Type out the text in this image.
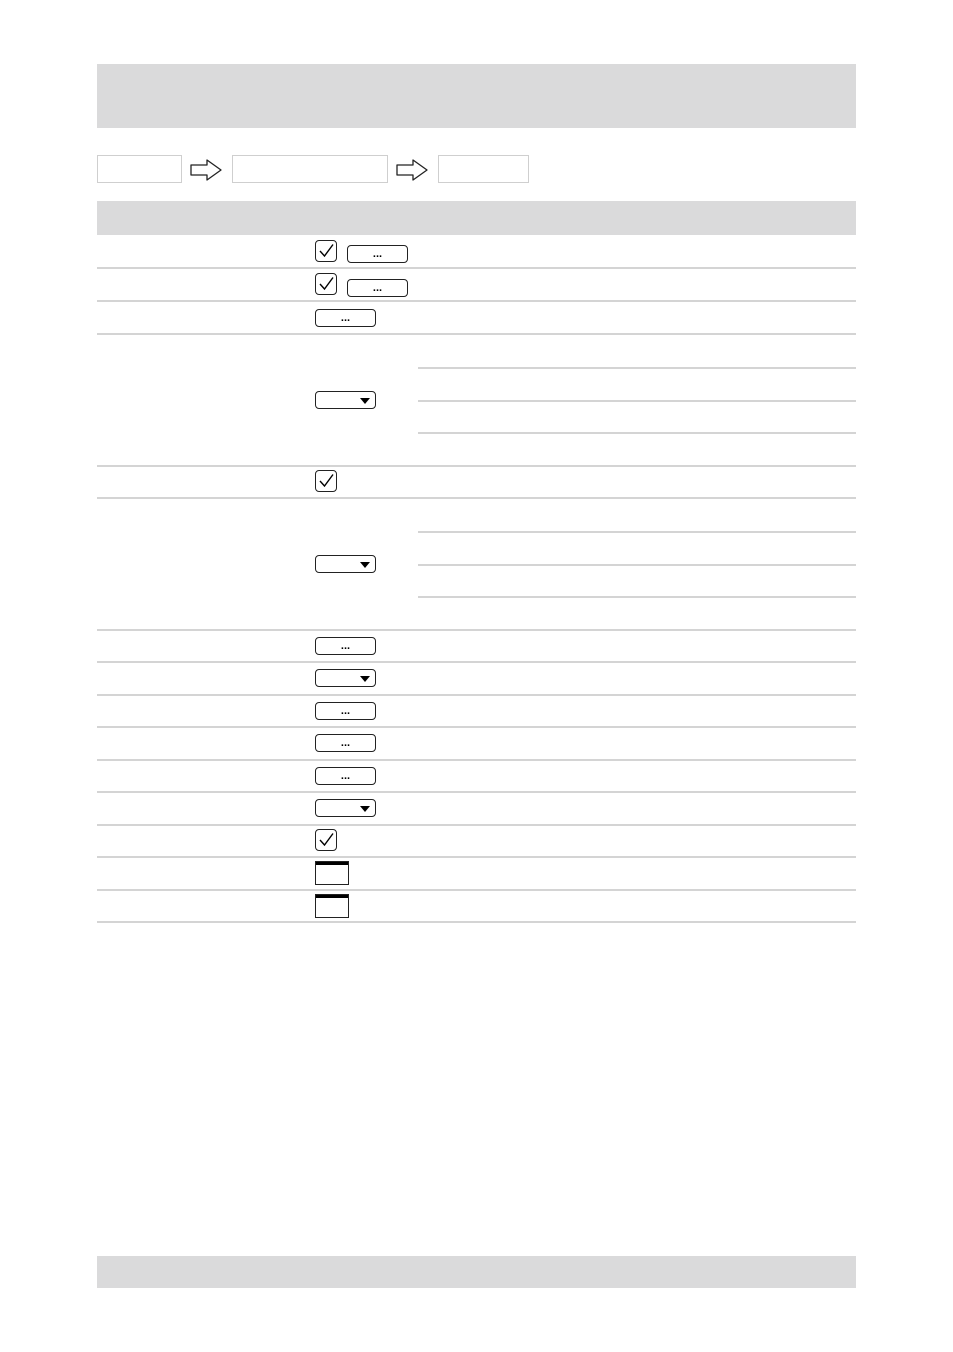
...
...
...
...
...
...
...
